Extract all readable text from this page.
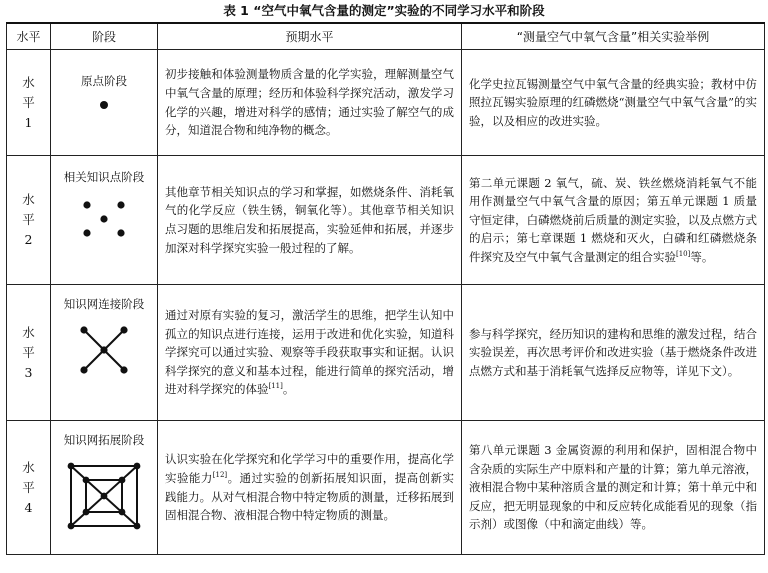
表 1 “空气中氧气含量的测定”实验的不同学习水平和阶段
水平	阶段	预期水平	“测量空气中氧气含量”相关实验举例

水
平
1	原点阶段	初步接触和体验测量物质含量的化学实验，理解测量空气中氧气含量的原理；经历和体验科学探究活动，激发学习化学的兴趣，增进对科学的感情；通过实验了解空气的成分，知道混合物和纯净物的概念。	化学史拉瓦锡测量空气中氧气含量的经典实验；教材中仿照拉瓦锡实验原理的红磷燃烧“测量空气中氧气含量”的实验，以及相应的改进实验。

水
平
2	相关知识点阶段	其他章节相关知识点的学习和掌握，如燃烧条件、消耗氧气的化学反应（铁生锈，铜氧化等）。其他章节相关知识点习题的思维启发和拓展提高，实验延伸和拓展，并逐步加深对科学探究实验一般过程的了解。	第二单元课题 2 氧气，硫、炭、铁丝燃烧消耗氧气不能用作测量空气中氧气含量的原因；第五单元课题 1 质量守恒定律，白磷燃烧前后质量的测定实验，以及点燃方式的启示；第七章课题 1 燃烧和灭火，白磷和红磷燃烧条件探究及空气中氧气含量测定的组合实验[10]等。

水
平
3	知识网连接阶段	通过对原有实验的复习，激活学生的思维，把学生认知中孤立的知识点进行连接，运用于改进和优化实验，知道科学探究可以通过实验、观察等手段获取事实和证据。认识科学探究的意义和基本过程，能进行简单的探究活动，增进对科学探究的体验[11]。	参与科学探究，经历知识的建构和思维的激发过程，结合实验误差，再次思考评价和改进实验（基于燃烧条件改进点燃方式和基于消耗氧气选择反应物等，详见下文）。

水
平
4	知识网拓展阶段	认识实验在化学探究和化学学习中的重要作用，提高化学实验能力[12]。通过实验的创新拓展知识面，提高创新实践能力。从对气相混合物中特定物质的测量，迁移拓展到固相混合物、液相混合物中特定物质的测量。	第八单元课题 3 金属资源的利用和保护，固相混合物中含杂质的实际生产中原料和产量的计算；第九单元溶液，液相混合物中某种溶质含量的测定和计算；第十单元中和反应，把无明显现象的中和反应转化成能看见的现象（指示剂）或图像（中和滴定曲线）等。
